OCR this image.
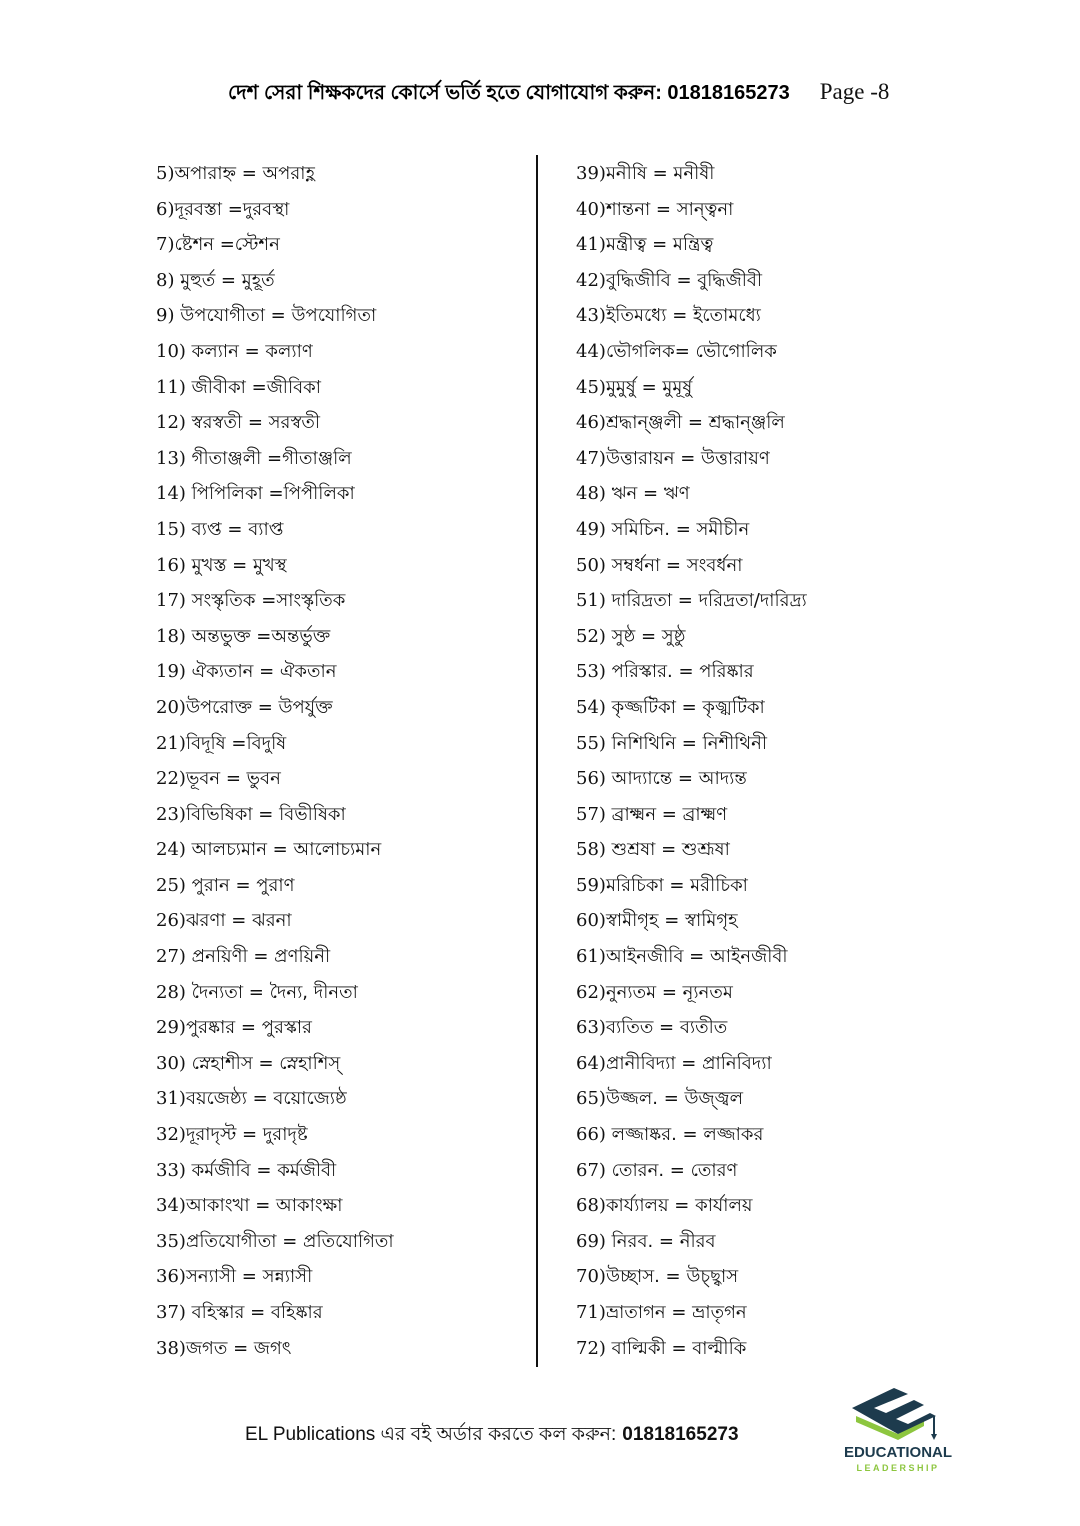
দেশ সেরা শিক্ষকদের কোর্সে ভর্তি হতে যোগাযোগ করুন: 01818165273 Page -8
5)অপারাহ্ন = অপরাহ্ণ
6)দূরবস্তা =দুরবস্থা
7)ষ্টেশন =স্টেশন
8) মুহুর্ত = মুহূর্ত
9) উপযোগীতা = উপযোগিতা
10) কল্যান = কল্যাণ
11) জীবীকা =জীবিকা
12) স্বরস্বতী = সরস্বতী
13) গীতাঞ্জলী =গীতাঞ্জলি
14) পিপিলিকা =পিপীলিকা
15) ব্যপ্ত = ব্যাপ্ত
16) মুখস্ত = মুখস্থ
17) সংস্কৃতিক =সাংস্কৃতিক
18) অন্তভুক্ত =অন্তর্ভুক্ত
19) ঐক্যতান = ঐকতান
20)উপরোক্ত = উপর্যুক্ত
21)বিদূষি =বিদুষি
22)ভূবন = ভুবন
23)বিভিষিকা = বিভীষিকা
24) আলচ্যমান = আলোচ্যমান
25) পুরান = পুরাণ
26)ঝরণা = ঝরনা
27) প্রনয়িণী = প্রণয়িনী
28) দৈন্যতা = দৈন্য, দীনতা
29)পুরষ্কার = পুরস্কার
30) স্নেহাশীস = স্নেহাশিস্
31)বয়জেষ্ঠ্য = বয়োজ্যেষ্ঠ
32)দূরাদৃস্ট = দুরাদৃষ্ট
33) কর্মজীবি = কর্মজীবী
34)আকাংখা = আকাংক্ষা
35)প্রতিযোগীতা = প্রতিযোগিতা
36)সন্যাসী = সন্ন্যাসী
37) বহিস্কার = বহিষ্কার
38)জগত = জগৎ
39)মনীষি = মনীষী
40)শান্তনা = সান্ত্বনা
41)মন্ত্রীত্ব = মন্ত্রিত্ব
42)বুদ্ধিজীবি = বুদ্ধিজীবী
43)ইতিমধ্যে = ইতোমধ্যে
44)ভৌগলিক= ভৌগোলিক
45)মুমুর্ষু = মুমূর্ষু
46)শ্রদ্ধান্ঞ্জলী = শ্রদ্ধান্ঞ্জলি
47)উত্তারায়ন = উত্তারায়ণ
48) ঋন = ঋণ
49) সমিচিন. = সমীচীন
50) সম্বর্ধনা = সংবর্ধনা
51) দারিদ্রতা = দরিদ্রতা/দারিদ্র্য
52) সুষ্ঠ = সুষ্ঠু
53) পরিস্কার. = পরিষ্কার
54) কৃজ্জটিকা = কৃজ্ঝটিকা
55) নিশিথিনি = নিশীথিনী
56) আদ্যান্তে = আদ্যন্ত
57) ব্রাক্ষ্মন = ব্রাক্ষ্মণ
58) শুশ্রষা = শুশ্রূষা
59)মরিচিকা = মরীচিকা
60)স্বামীগৃহ = স্বামিগৃহ
61)আইনজীবি = আইনজীবী
62)নুন্যতম = ন্যূনতম
63)ব্যতিত = ব্যতীত
64)প্রানীবিদ্যা = প্রানিবিদ্যা
65)উজ্জল. = উজ্জ্বল
66) লজ্জাষ্কর. = লজ্জাকর
67) তোরন. = তোরণ
68)কার্য্যালয় = কার্যালয়
69) নিরব. = নীরব
70)উচ্ছাস. = উচ্ছ্বাস
71)ভ্রাতাগন = ভ্রাতৃগন
72) বাল্মিকী = বাল্মীকি
EL Publications এর বই অর্ডার করতে কল করুন: 01818165273
EDUCATIONAL
LEADERSHIP
